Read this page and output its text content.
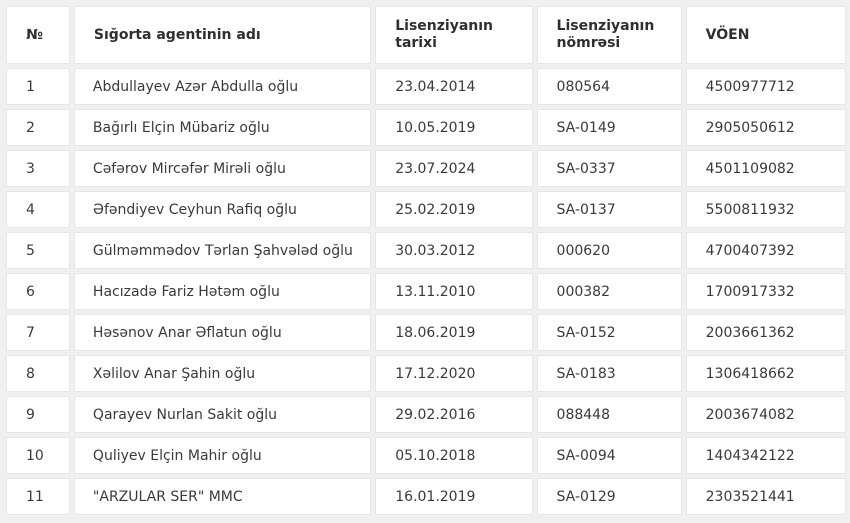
№	Sığorta agentinin adı	Lisenziyanın tarixi	Lisenziyanın nömrəsi	VÖEN
1	Abdullayev Azər Abdulla oğlu	23.04.2014	080564	4500977712
2	Bağırlı Elçin Mübariz oğlu	10.05.2019	SA-0149	2905050612
3	Cəfərov Mircəfər Mirəli oğlu	23.07.2024	SA-0337	4501109082
4	Əfəndiyev Ceyhun Rafiq oğlu	25.02.2019	SA-0137	5500811932
5	Gülməmmədov Tərlan Şahvələd oğlu	30.03.2012	000620	4700407392
6	Hacızadə Fariz Hətəm oğlu	13.11.2010	000382	1700917332
7	Həsənov Anar Əflatun oğlu	18.06.2019	SA-0152	2003661362
8	Xəlilov Anar Şahin oğlu	17.12.2020	SA-0183	1306418662
9	Qarayev Nurlan Sakit oğlu	29.02.2016	088448	2003674082
10	Quliyev Elçin Mahir oğlu	05.10.2018	SA-0094	1404342122
11	"ARZULAR SER" MMC	16.01.2019	SA-0129	2303521441
